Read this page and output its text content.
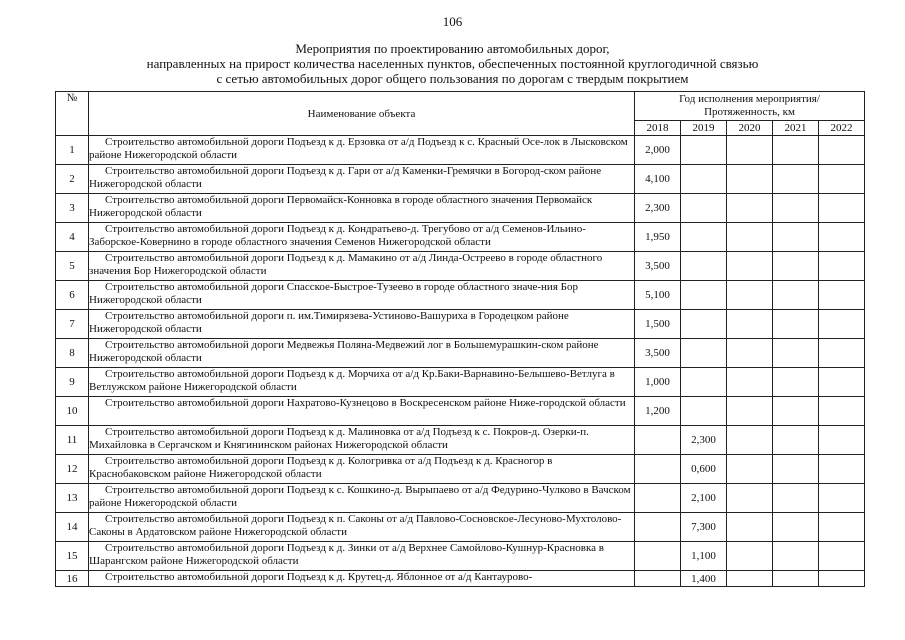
106
Мероприятия по проектированию автомобильных дорог,
направленных на прирост количества населенных пунктов, обеспеченных постоянной круглогодичной связью
с сетью автомобильных дорог общего пользования по дорогам с твердым покрытием
№	Наименование объекта	Год исполнения мероприятия/
Протяженность, км				

		2018	2019	2020	2021	2022
1	Строительство автомобильной дороги Подъезд к д. Ерзовка от а/д Подъезд к с. Красный Осе-лок в Лысковском районе Нижегородской области	2,000				
2	Строительство автомобильной дороги Подъезд к д. Гари от а/д Каменки-Гремячки в Богород-ском районе Нижегородской области	4,100				
3	Строительство автомобильной дороги Первомайск-Конновка в городе областного значения Первомайск Нижегородской области	2,300				
4	Строительство автомобильной дороги Подъезд к д. Кондратьево-д. Трегубово от а/д Семенов-Ильино-Заборское-Ковернино в городе областного значения Семенов Нижегородской области	1,950				
5	Строительство автомобильной дороги Подъезд к д. Мамакино от а/д Линда-Остреево в городе областного значения Бор Нижегородской области	3,500				
6	Строительство автомобильной дороги Спасское-Быстрое-Тузеево в городе областного значе-ния Бор Нижегородской области	5,100				
7	Строительство автомобильной дороги п. им.Тимирязева-Устиново-Вашуриха в Городецком районе Нижегородской области	1,500				
8	Строительство автомобильной дороги Медвежья Поляна-Медвежий лог в Большемурашкин-ском районе Нижегородской области	3,500				
9	Строительство автомобильной дороги Подъезд к д. Морчиха от а/д Кр.Баки-Варнавино-Белышево-Ветлуга в Ветлужском районе Нижегородской области	1,000				
10	Строительство автомобильной дороги Нахратово-Кузнецово в Воскресенском районе Ниже-городской области	1,200				
11	Строительство автомобильной дороги Подъезд к д. Малиновка от а/д Подъезд к с. Покров-д. Озерки-п. Михайловка в Сергачском и Княгининском районах Нижегородской области		2,300			
12	Строительство автомобильной дороги Подъезд к д. Кологривка от а/д Подъезд к д. Красногор в Краснобаковском районе Нижегородской области		0,600			
13	Строительство автомобильной дороги Подъезд к с. Кошкино-д. Вырыпаево от а/д Федурино-Чулково в Вачском районе Нижегородской области		2,100			
14	Строительство автомобильной дороги Подъезд к п. Саконы от а/д Павлово-Сосновское-Лесуново-Мухтолово-Саконы в Ардатовском районе Нижегородской области		7,300			
15	Строительство автомобильной дороги Подъезд к д. Зинки от а/д Верхнее Самойлово-Кушнур-Красновка в Шарангском районе Нижегородской области		1,100			
16	Строительство автомобильной дороги Подъезд к д. Крутец-д. Яблонное от а/д Кантаурово-		1,400			
